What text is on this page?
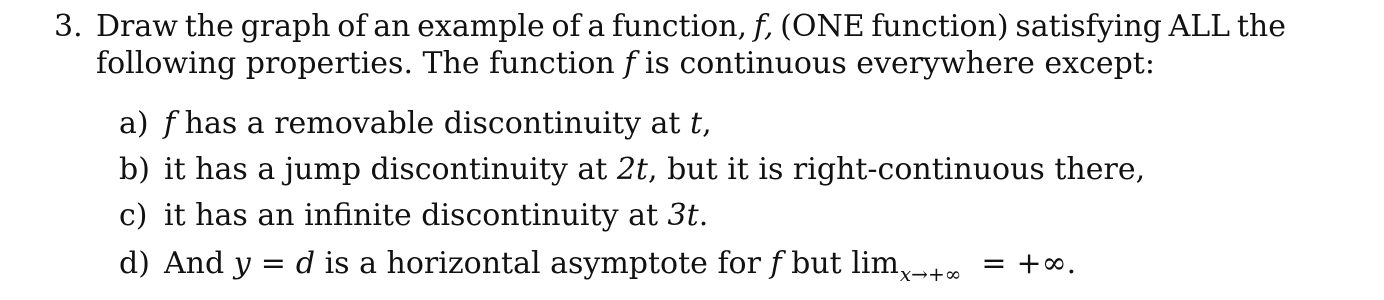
3. Draw the graph of an example of a function, f, (ONE function) satisfying ALL the
following properties. The function f is continuous everywhere except:
a) f has a removable discontinuity at t,
b) it has a jump discontinuity at 2t, but it is right-continuous there,
c) it has an infinite discontinuity at 3t.
d) And y = d is a horizontal asymptote for f but $\lim_{x\to+\infty}$ = +∞.
